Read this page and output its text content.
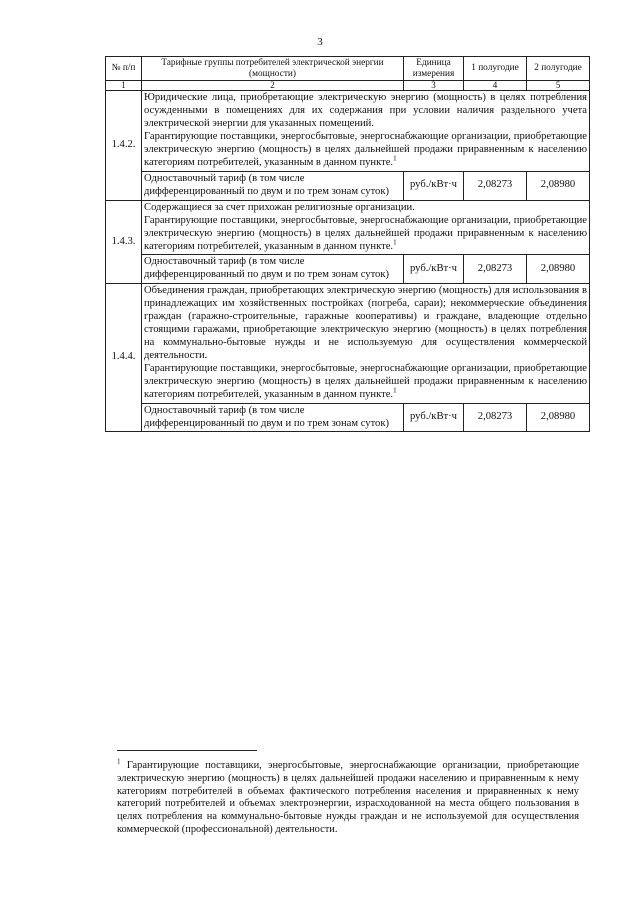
3
№ п/п	Тарифные группы потребителей электрической энергии (мощности)	Единица измерения	1 полугодие	2 полугодие
1	2	3	4	5
1.4.2.	Юридические лица, приобретающие электрическую энергию (мощность) в целях потребления осужденными в помещениях для их содержания при условии наличия раздельного учета электрической энергии для указанных помещений.
Гарантирующие поставщики, энергосбытовые, энергоснабжающие организации, приобретающие электрическую энергию (мощность) в целях дальнейшей продажи приравненным к населению категориям потребителей, указанным в данном пункте.$^1$

	Одноставочный тариф (в том числе дифференцированный по двум и по трем зонам суток)	руб./кВт·ч	2,08273	2,08980
1.4.3.	Содержащиеся за счет прихожан религиозные организации.
Гарантирующие поставщики, энергосбытовые, энергоснабжающие организации, приобретающие электрическую энергию (мощность) в целях дальнейшей продажи приравненным к населению категориям потребителей, указанным в данном пункте.$^1$

	Одноставочный тариф (в том числе дифференцированный по двум и по трем зонам суток)	руб./кВт·ч	2,08273	2,08980
1.4.4.	Объединения граждан, приобретающих электрическую энергию (мощность) для использования в принадлежащих им хозяйственных постройках (погреба, сараи); некоммерческие объединения граждан (гаражно-строительные, гаражные кооперативы) и граждане, владеющие отдельно стоящими гаражами, приобретающие электрическую энергию (мощность) в целях потребления на коммунально-бытовые нужды и не используемую для осуществления коммерческой деятельности.
Гарантирующие поставщики, энергосбытовые, энергоснабжающие организации, приобретающие электрическую энергию (мощность) в целях дальнейшей продажи приравненным к населению категориям потребителей, указанным в данном пункте.$^1$

	Одноставочный тариф (в том числе дифференцированный по двум и по трем зонам суток)	руб./кВт·ч	2,08273	2,08980
$^1$ Гарантирующие поставщики, энергосбытовые, энергоснабжающие организации, приобретающие электрическую энергию (мощность) в целях дальнейшей продажи населению и приравненным к нему категориям потребителей в объемах фактического потребления населения и приравненных к нему категорий потребителей и объемах электроэнергии, израсходованной на места общего пользования в целях потребления на коммунально-бытовые нужды граждан и не используемой для осуществления коммерческой (профессиональной) деятельности.
